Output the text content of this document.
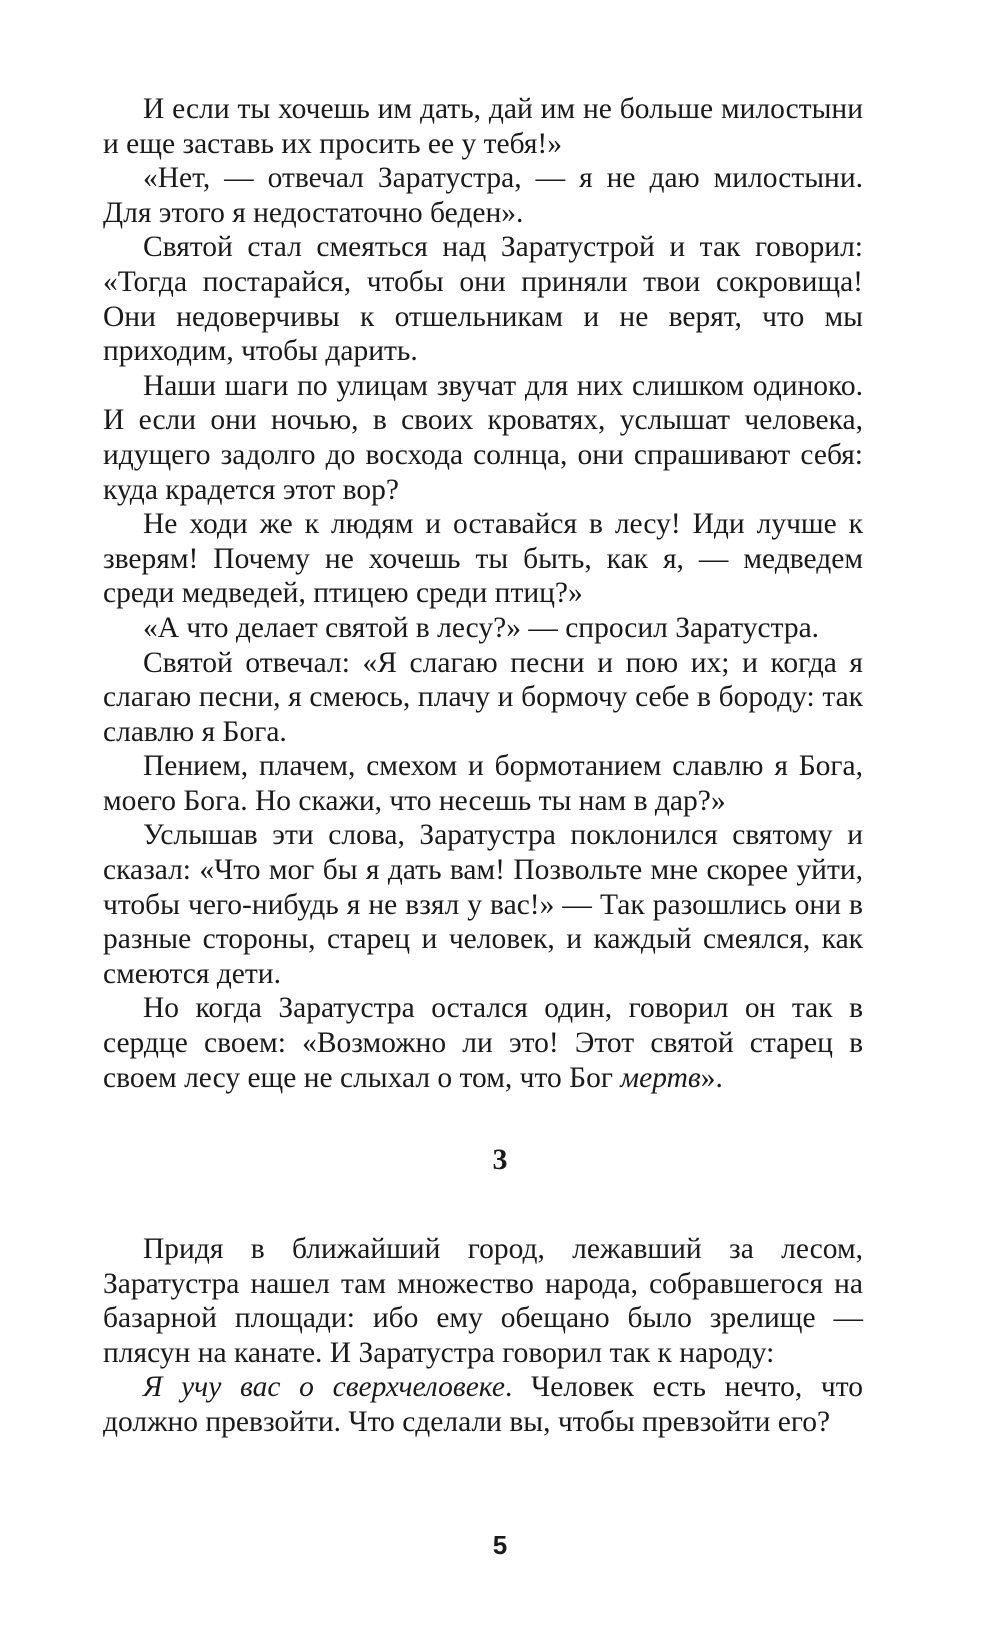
И если ты хочешь им дать, дай им не больше милостыни и еще заставь их просить ее у тебя!»

«Нет, — отвечал Заратустра, — я не даю милостыни. Для этого я недостаточно беден».

Святой стал смеяться над Заратустрой и так говорил: «Тогда постарайся, чтобы они приняли твои сокровища! Они недоверчивы к отшельникам и не верят, что мы приходим, чтобы дарить.

Наши шаги по улицам звучат для них слишком одиноко. И если они ночью, в своих кроватях, услышат человека, идущего задолго до восхода солнца, они спрашивают себя: куда крадется этот вор?

Не ходи же к людям и оставайся в лесу! Иди лучше к зверям! Почему не хочешь ты быть, как я, — медведем среди медведей, птицею среди птиц?»

«А что делает святой в лесу?» — спросил Заратустра.

Святой отвечал: «Я слагаю песни и пою их; и когда я слагаю песни, я смеюсь, плачу и бормочу себе в бороду: так славлю я Бога.

Пением, плачем, смехом и бормотанием славлю я Бога, моего Бога. Но скажи, что несешь ты нам в дар?»

Услышав эти слова, Заратустра поклонился святому и сказал: «Что мог бы я дать вам! Позвольте мне скорее уйти, чтобы чего-нибудь я не взял у вас!» — Так разошлись они в разные стороны, старец и человек, и каждый смеялся, как смеются дети.

Но когда Заратустра остался один, говорил он так в сердце своем: «Возможно ли это! Этот святой старец в своем лесу еще не слыхал о том, что Бог мертв».

3

Придя в ближайший город, лежавший за лесом, Заратустра нашел там множество народа, собравшегося на базарной площади: ибо ему обещано было зрелище — плясун на канате. И Заратустра говорил так к народу:

Я учу вас о сверхчеловеке. Человек есть нечто, что должно превзойти. Что сделали вы, чтобы превзойти его?

5
